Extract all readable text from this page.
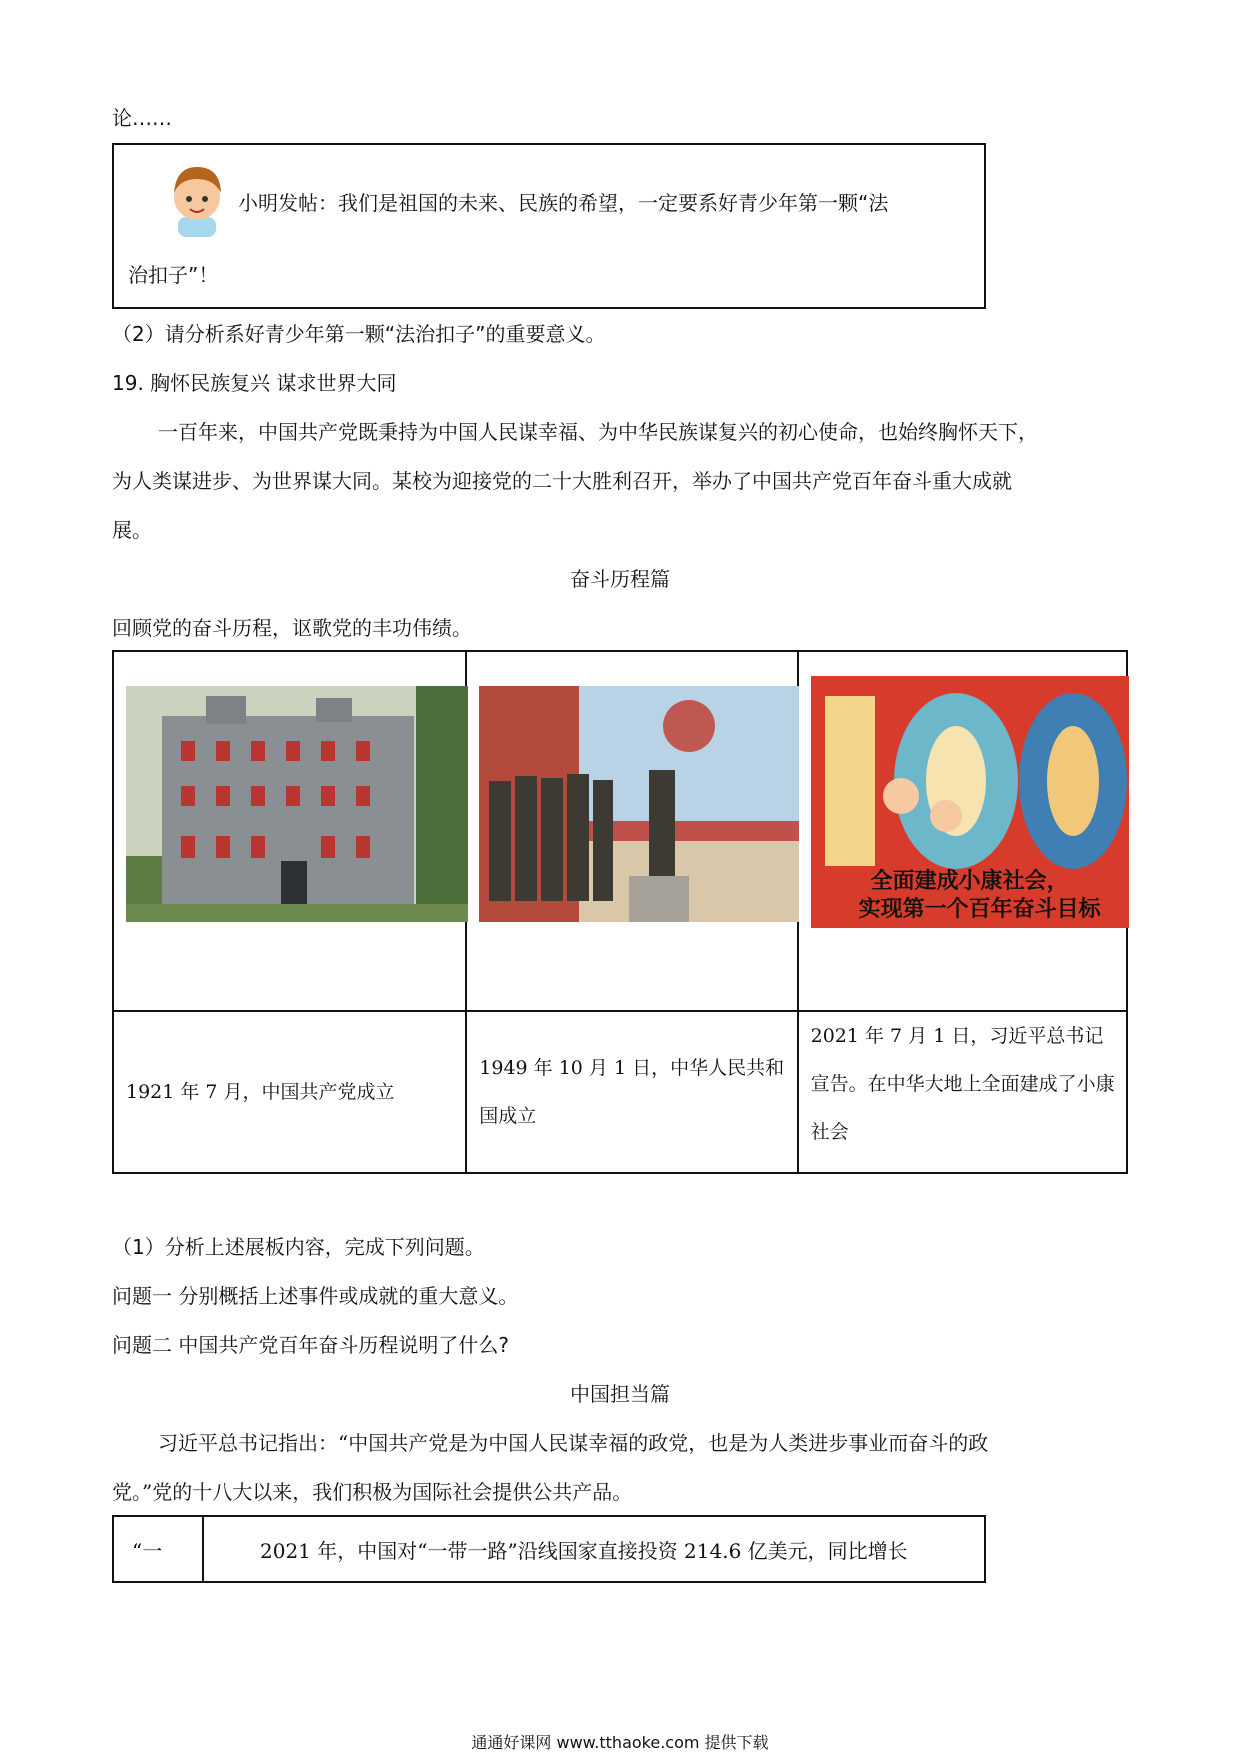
论……
小明发帖：我们是祖国的未来、民族的希望，一定要系好青少年第一颗“法
治扣子”！
（2）请分析系好青少年第一颗“法治扣子”的重要意义。
19. 胸怀民族复兴 谋求世界大同
一百年来，中国共产党既秉持为中国人民谋幸福、为中华民族谋复兴的初心使命，也始终胸怀天下，
为人类谋进步、为世界谋大同。某校为迎接党的二十大胜利召开，举办了中国共产党百年奋斗重大成就
展。
奋斗历程篇
回顾党的奋斗历程，讴歌党的丰功伟绩。

全面建成小康社会，
实现第一个百年奋斗目标

1921 年 7 月，中国共产党成立	1949 年 10 月 1 日，中华人民共和国成立	2021 年 7 月 1 日，习近平总书记宣告。在中华大地上全面建成了小康社会
（1）分析上述展板内容，完成下列问题。
问题一 分别概括上述事件或成就的重大意义。
问题二 中国共产党百年奋斗历程说明了什么?
中国担当篇
习近平总书记指出：“中国共产党是为中国人民谋幸福的政党，也是为人类进步事业而奋斗的政
党。”党的十八大以来，我们积极为国际社会提供公共产品。
“一	2021 年，中国对“一带一路”沿线国家直接投资 214.6 亿美元，同比增长
通通好课网 www.tthaoke.com 提供下载
